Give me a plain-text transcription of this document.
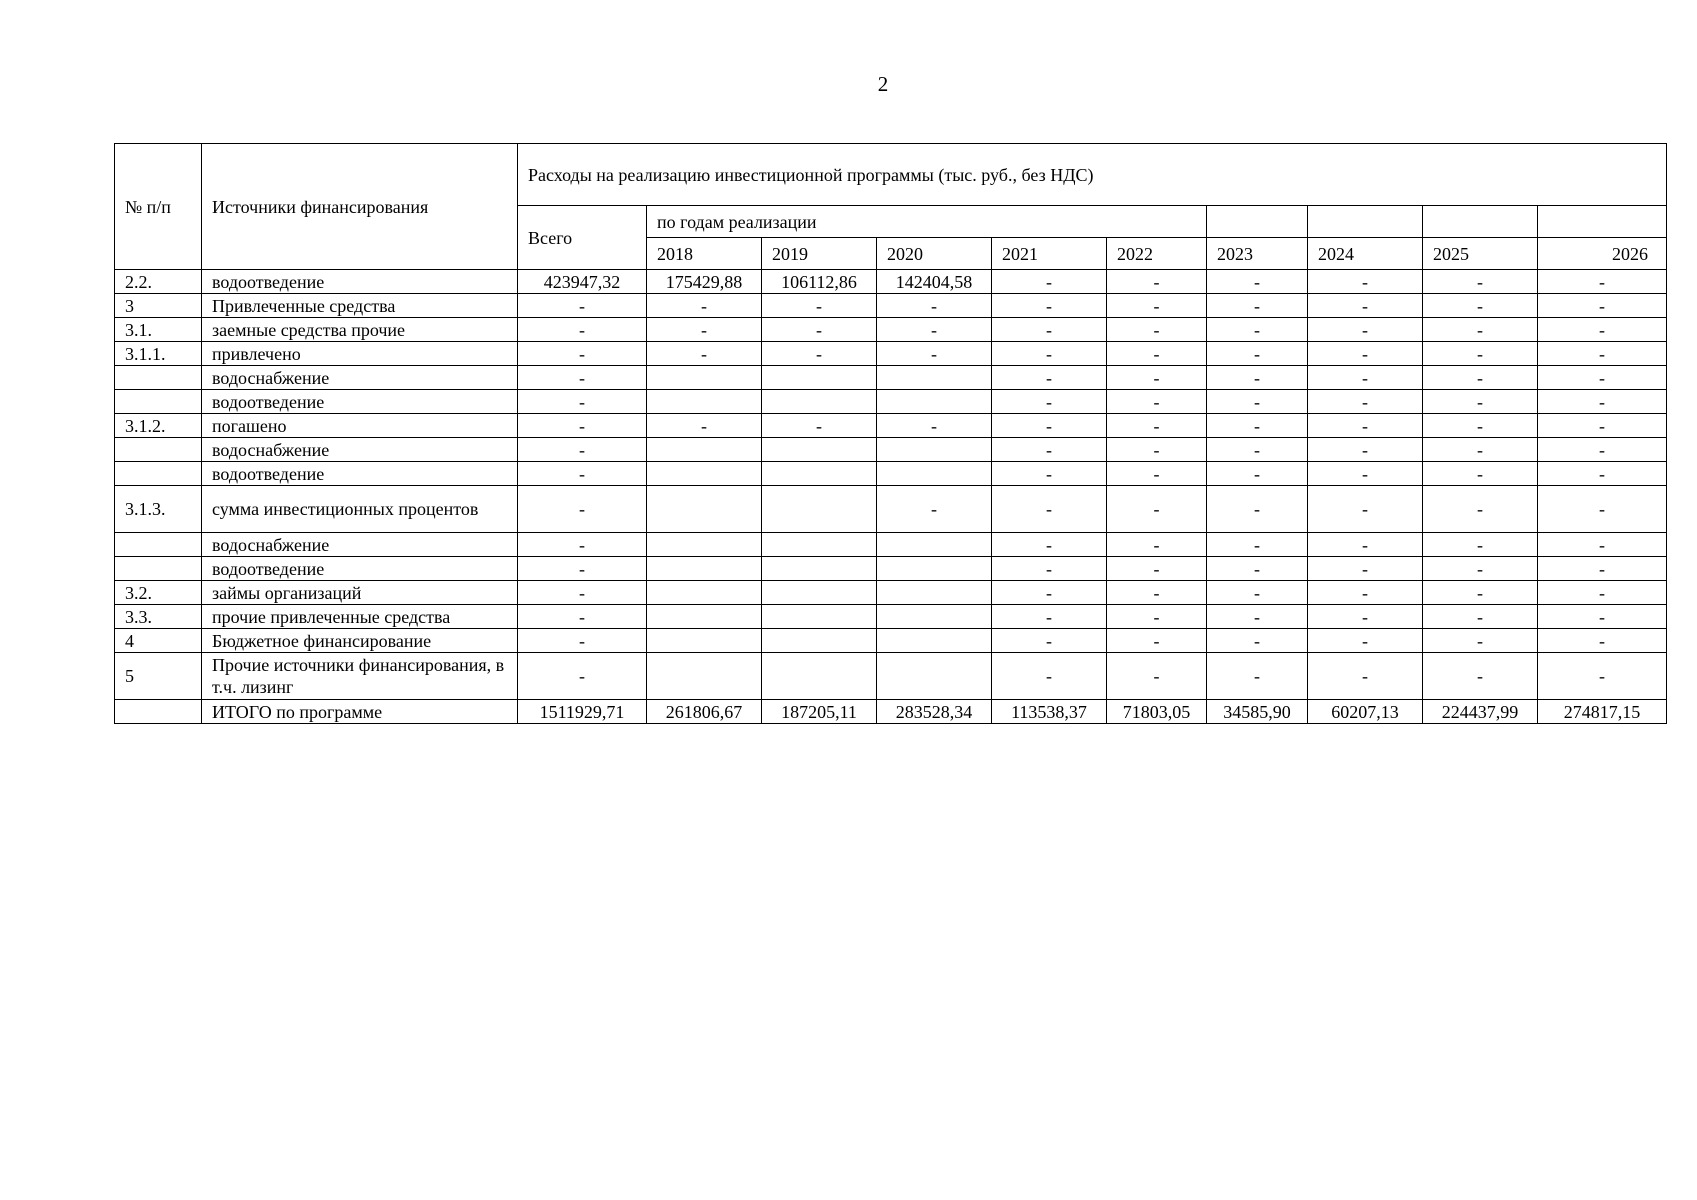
2
№ п/п	Источники финансирования	Расходы на реализацию инвестиционной программы (тыс. руб., без НДС)									
		Всего	по годам реализации								
			2018	2019	2020	2021	2022	2023	2024	2025	2026
2.2.	водоотведение	423947,32	175429,88	106112,86	142404,58	-	-	-	-	-	-
3	Привлеченные средства	-	-	-	-	-	-	-	-	-	-
3.1.	заемные средства прочие	-	-	-	-	-	-	-	-	-	-
3.1.1.	привлечено	-	-	-	-	-	-	-	-	-	-
	водоснабжение	-				-	-	-	-	-	-
	водоотведение	-				-	-	-	-	-	-
3.1.2.	погашено	-	-	-	-	-	-	-	-	-	-
	водоснабжение	-				-	-	-	-	-	-
	водоотведение	-				-	-	-	-	-	-
3.1.3.	сумма инвестиционных процентов	-			-	-	-	-	-	-	-
	водоснабжение	-				-	-	-	-	-	-
	водоотведение	-				-	-	-	-	-	-
3.2.	займы организаций	-				-	-	-	-	-	-
3.3.	прочие привлеченные средства	-				-	-	-	-	-	-
4	Бюджетное финансирование	-				-	-	-	-	-	-
5	Прочие источники финансирования, в т.ч. лизинг	-				-	-	-	-	-	-
	ИТОГО по программе	1511929,71	261806,67	187205,11	283528,34	113538,37	71803,05	34585,90	60207,13	224437,99	274817,15
